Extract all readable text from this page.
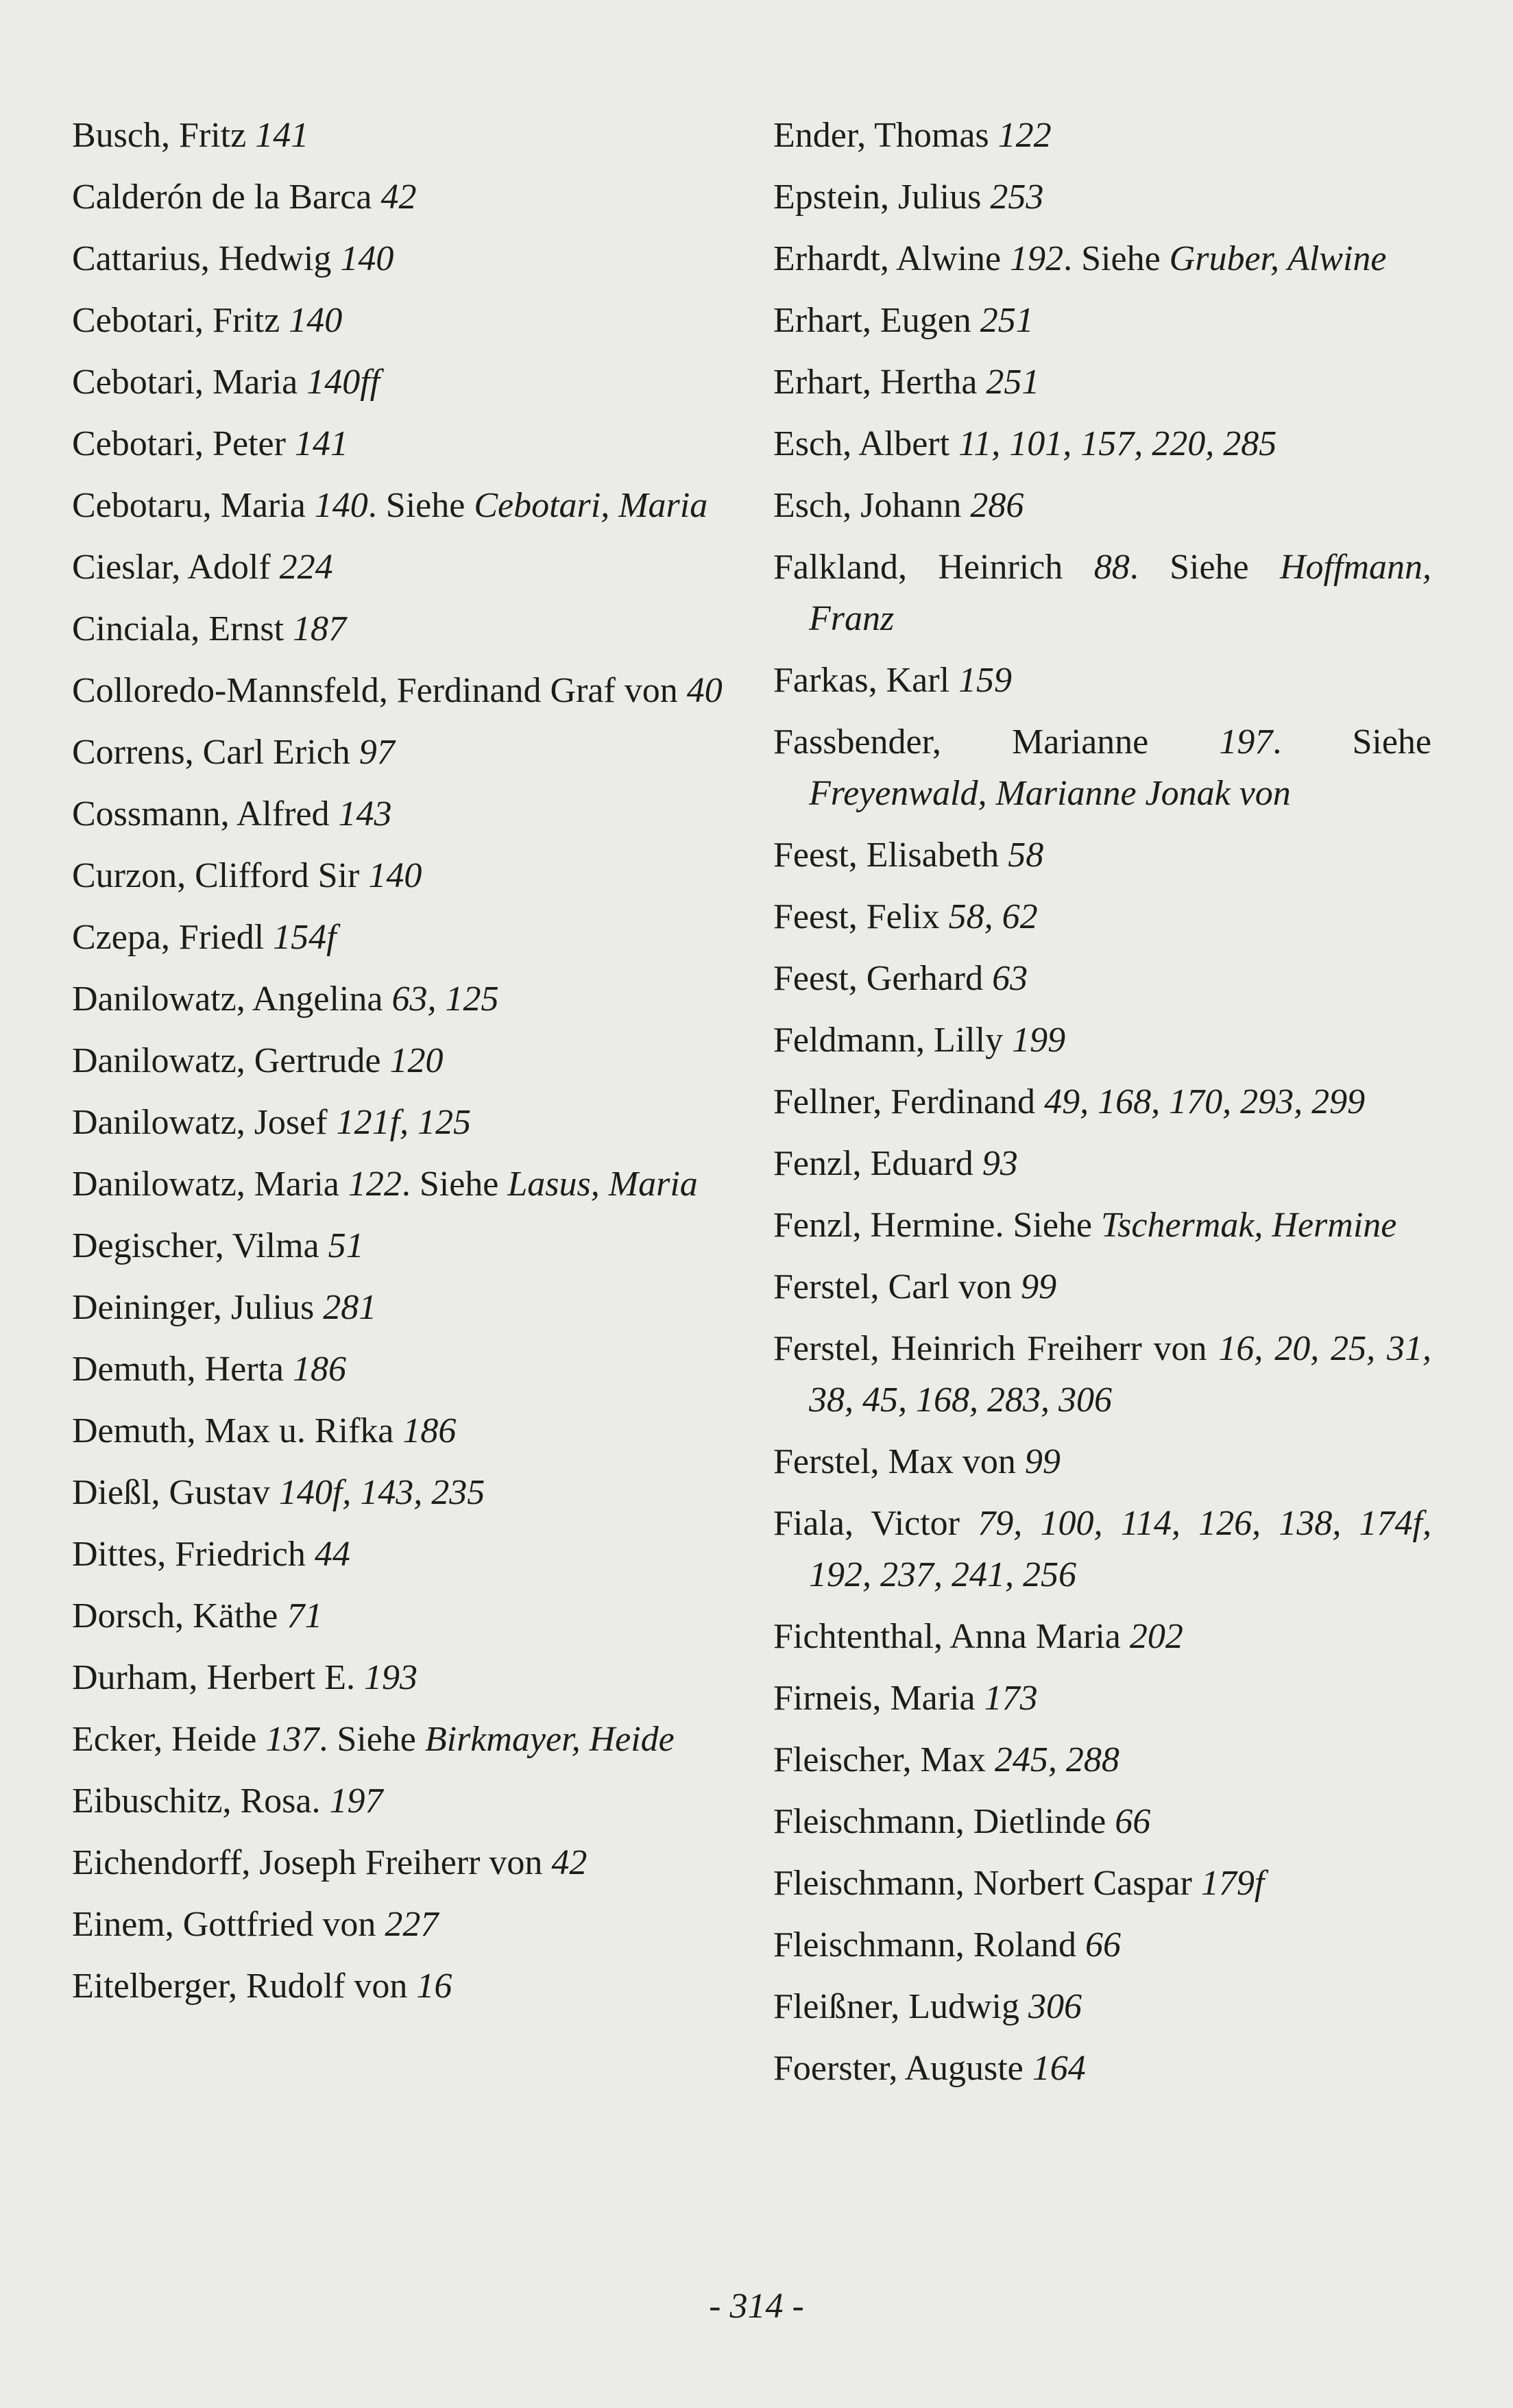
Busch, Fritz 141
Calderón de la Barca 42
Cattarius, Hedwig 140
Cebotari, Fritz 140
Cebotari, Maria 140ff
Cebotari, Peter 141
Cebotaru, Maria 140. Siehe Cebotari, Maria
Cieslar, Adolf 224
Cinciala, Ernst 187
Colloredo-Mannsfeld, Ferdinand Graf von 40
Correns, Carl Erich 97
Cossmann, Alfred 143
Curzon, Clifford Sir 140
Czepa, Friedl 154f
Danilowatz, Angelina 63, 125
Danilowatz, Gertrude 120
Danilowatz, Josef 121f, 125
Danilowatz, Maria 122. Siehe Lasus, Maria
Degischer, Vilma 51
Deininger, Julius 281
Demuth, Herta 186
Demuth, Max u. Rifka 186
Dießl, Gustav 140f, 143, 235
Dittes, Friedrich 44
Dorsch, Käthe 71
Durham, Herbert E. 193
Ecker, Heide 137. Siehe Birkmayer, Heide
Eibuschitz, Rosa. 197
Eichendorff, Joseph Freiherr von 42
Einem, Gottfried von 227
Eitelberger, Rudolf von 16
Ender, Thomas 122
Epstein, Julius 253
Erhardt, Alwine 192. Siehe Gruber, Alwine
Erhart, Eugen 251
Erhart, Hertha 251
Esch, Albert 11, 101, 157, 220, 285
Esch, Johann 286
Falkland, Heinrich 88. Siehe Hoffmann, Franz
Farkas, Karl 159
Fassbender, Marianne 197. Siehe Freyenwald, Marianne Jonak von
Feest, Elisabeth 58
Feest, Felix 58, 62
Feest, Gerhard 63
Feldmann, Lilly 199
Fellner, Ferdinand 49, 168, 170, 293, 299
Fenzl, Eduard 93
Fenzl, Hermine. Siehe Tschermak, Hermine
Ferstel, Carl von 99
Ferstel, Heinrich Freiherr von 16, 20, 25, 31, 38, 45, 168, 283, 306
Ferstel, Max von 99
Fiala, Victor 79, 100, 114, 126, 138, 174f, 192, 237, 241, 256
Fichtenthal, Anna Maria 202
Firneis, Maria 173
Fleischer, Max 245, 288
Fleischmann, Dietlinde 66
Fleischmann, Norbert Caspar 179f
Fleischmann, Roland 66
Fleißner, Ludwig 306
Foerster, Auguste 164
- 314 -
